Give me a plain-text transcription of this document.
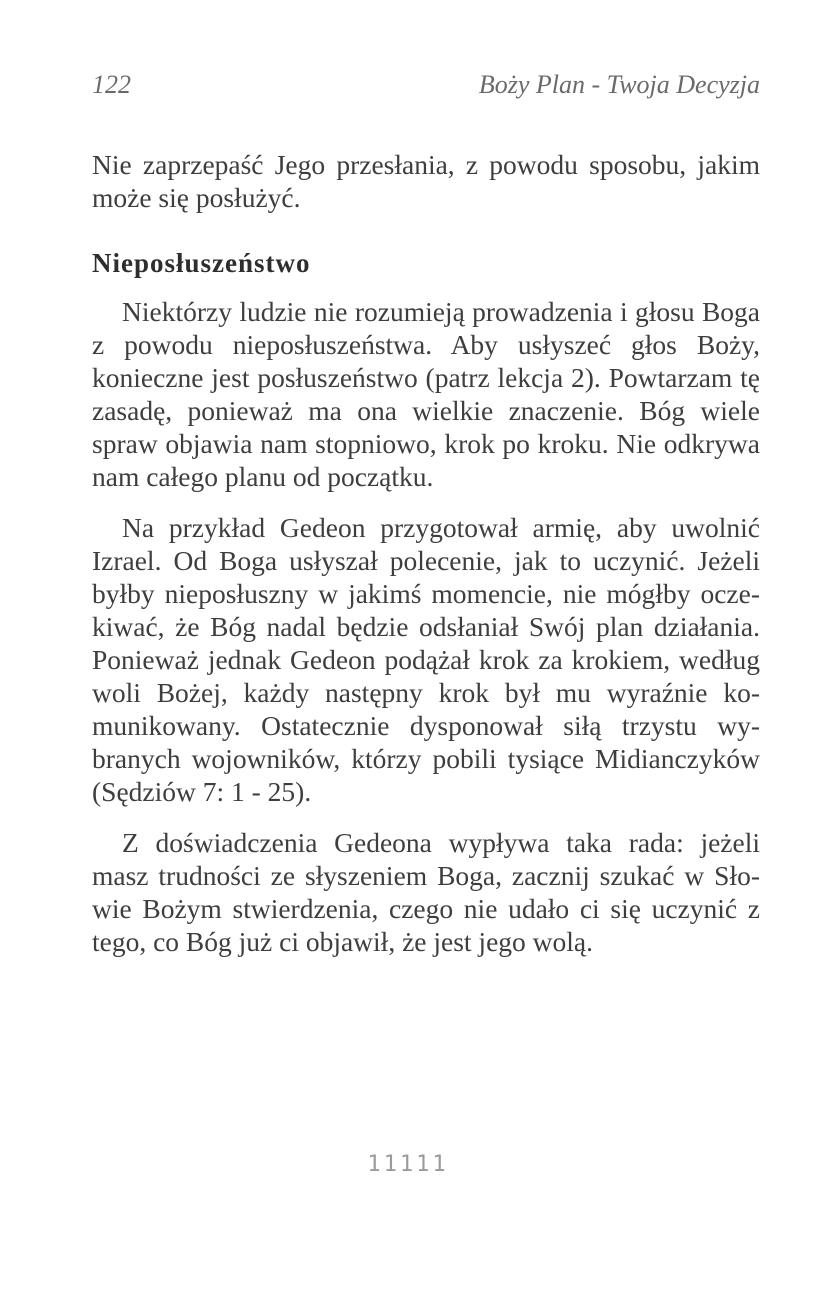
122	Boży Plan - Twoja Decyzja

Nie zaprzepaść Jego przesłania, z powodu sposobu, jakim może się posłużyć.

Nieposłuszeństwo

Niektórzy ludzie nie rozumieją prowadzenia i głosu Boga z powodu nieposłuszeństwa. Aby usłyszeć głos Boży, konieczne jest posłuszeństwo (patrz lekcja 2). Powtarzam tę zasadę, ponieważ ma ona wielkie znaczenie. Bóg wiele spraw objawia nam stopniowo, krok po kroku. Nie odkrywa nam całego planu od początku.

Na przykład Gedeon przygotował armię, aby uwolnić Izrael. Od Boga usłyszał polecenie, jak to uczynić. Jeżeli byłby nieposłuszny w jakimś momencie, nie mógłby oczekiwać, że Bóg nadal będzie odsłaniał Swój plan działania. Ponieważ jednak Gedeon podążał krok za krokiem, według woli Bożej, każdy następny krok był mu wyraźnie komunikowany. Ostatecznie dysponował siłą trzystu wybranych wojowników, którzy pobili tysiące Midianczyków (Sędziów 7: 1 - 25).

Z doświadczenia Gedeona wypływa taka rada: jeżeli masz trudności ze słyszeniem Boga, zacznij szukać w Słowie Bożym stwierdzenia, czego nie udało ci się uczynić z tego, co Bóg już ci objawił, że jest jego wolą.

11111
